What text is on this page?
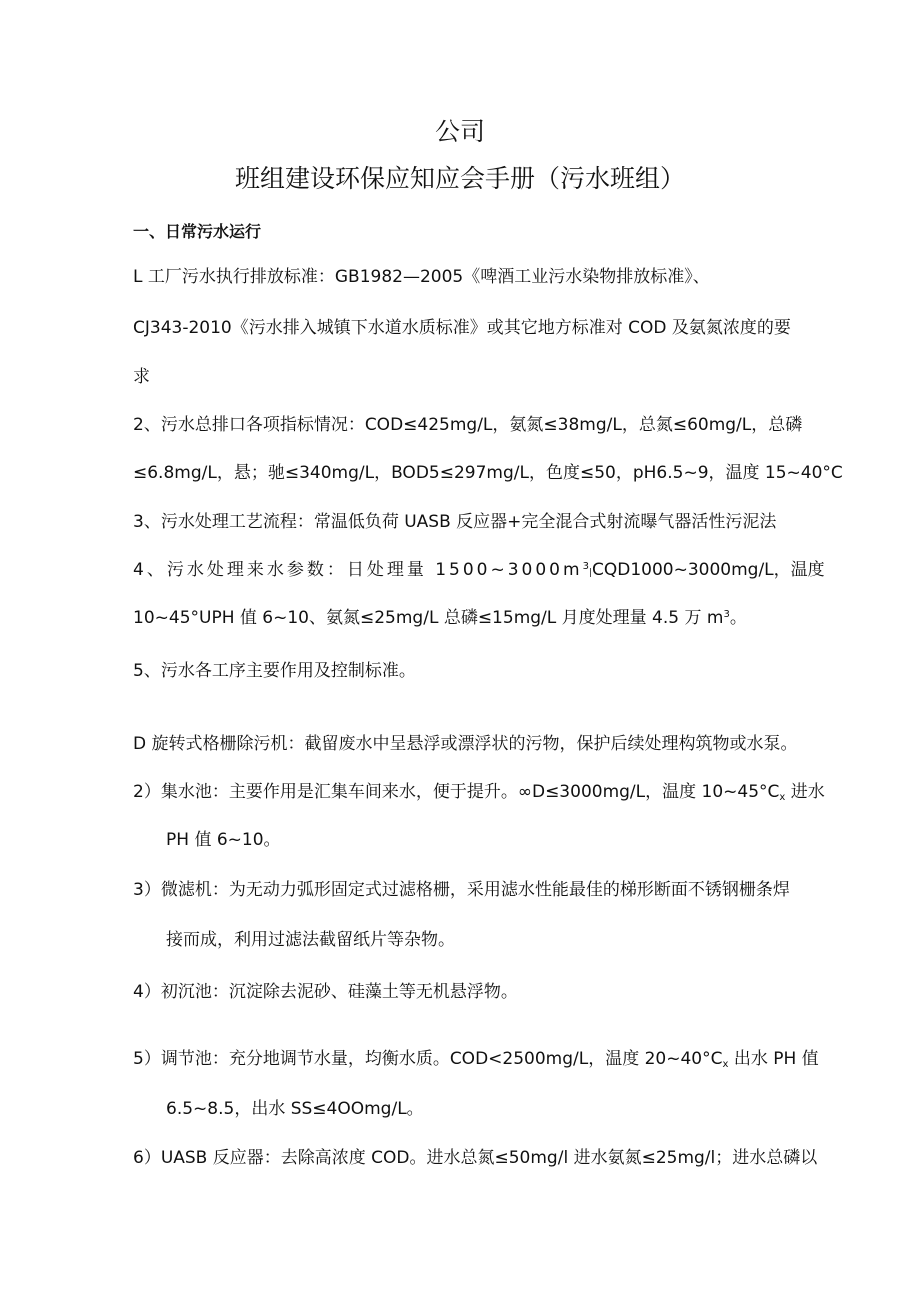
公司
班组建设环保应知应会手册（污水班组）
一、日常污水运行
L 工厂污水执行排放标准：GB1982—2005《啤酒工业污水染物排放标准》、
CJ343-2010《污水排入城镇下水道水质标准》或其它地方标准对 COD 及氨氮浓度的要
求
2、污水总排口各项指标情况：COD≤425mg∕L，氨氮≤38mg∕L，总氮≤60mg∕L，总磷
≤6.8mg∕L，悬；驰≤340mg∕L，BOD5≤297mg∕L，色度≤50，pH6.5~9，温度 15~40°C
3、污水处理工艺流程：常温低负荷 UASB 反应器+完全混合式射流曝气器活性污泥法
4、污水处理来水参数：日处理量 $1500\sim 3000m^3|CQD1000\sim 3000mg∕L$，温度
10~45°UPH 值 6~10、氨氮≤25mg∕L 总磷≤15mg∕L 月度处理量 4.5 万 $m^3$。
5、污水各工序主要作用及控制标准。
D 旋转式格栅除污机：截留废水中呈悬浮或漂浮状的污物，保护后续处理构筑物或水泵。
2）集水池：主要作用是汇集车间来水，便于提升。∞D≤3000mg∕L，温度 $10\sim 45^\circ C_x$ 进水
PH 值 6~10。
3）微滤机：为无动力弧形固定式过滤格栅，采用滤水性能最佳的梯形断面不锈钢栅条焊
接而成，利用过滤法截留纸片等杂物。
4）初沉池：沉淀除去泥砂、硅藻土等无机悬浮物。
5）调节池：充分地调节水量，均衡水质。COD<2500mg∕L，温度 $20\sim 40^\circ C_x$ 出水 PH 值
6.5~8.5，出水 SS≤4OOmg∕L。
6）UASB 反应器：去除高浓度 COD。进水总氮≤50mg/l 进水氨氮≤25mg/l；进水总磷以
